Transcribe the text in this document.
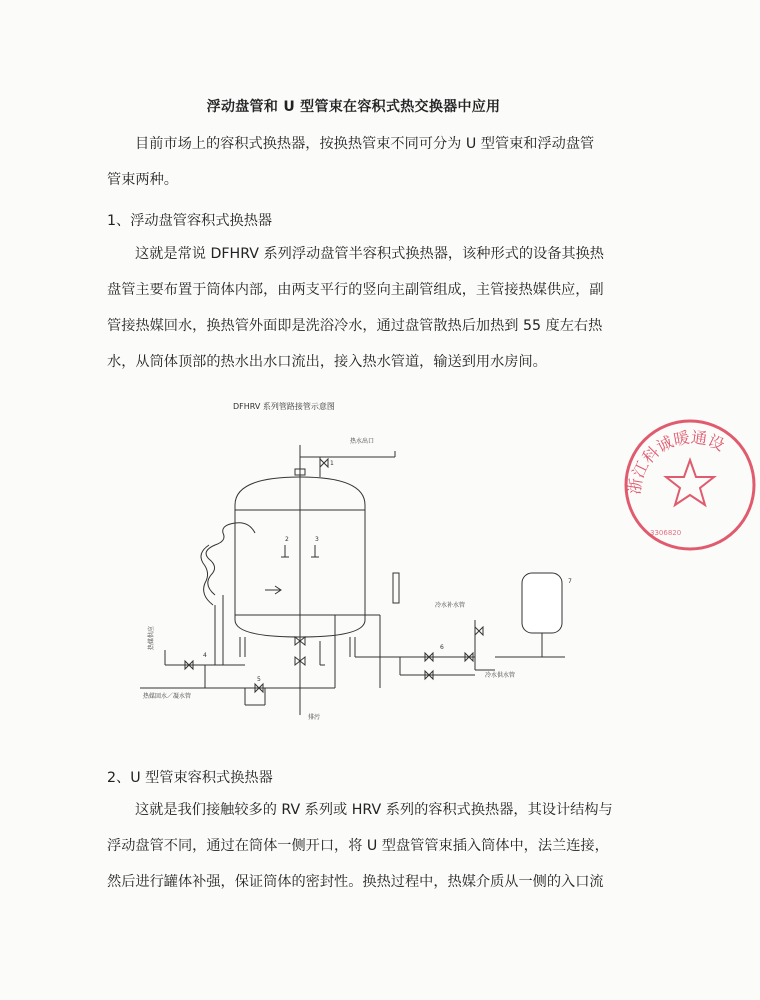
浮动盘管和 U 型管束在容积式热交换器中应用
目前市场上的容积式换热器，按换热管束不同可分为 U 型管束和浮动盘管
管束两种。
1、浮动盘管容积式换热器
这就是常说 DFHRV 系列浮动盘管半容积式换热器，该种形式的设备其换热
盘管主要布置于筒体内部，由两支平行的竖向主副管组成，主管接热媒供应，副
管接热媒回水，换热管外面即是洗浴冷水，通过盘管散热后加热到 55 度左右热
水，从筒体顶部的热水出水口流出，接入热水管道，输送到用水房间。
DFHRV 系列管路接管示意图
热水出口
热媒供应
热媒回水／凝水管
排污
冷水补水管
冷水供水管
1
2	3
4
5
6
7
2、U 型管束容积式换热器
这就是我们接触较多的 RV 系列或 HRV 系列的容积式换热器，其设计结构与
浮动盘管不同，通过在筒体一侧开口，将 U 型盘管管束插入筒体中，法兰连接，
然后进行罐体补强，保证筒体的密封性。换热过程中，热媒介质从一侧的入口流
浙江科诚暖通设
3306820
